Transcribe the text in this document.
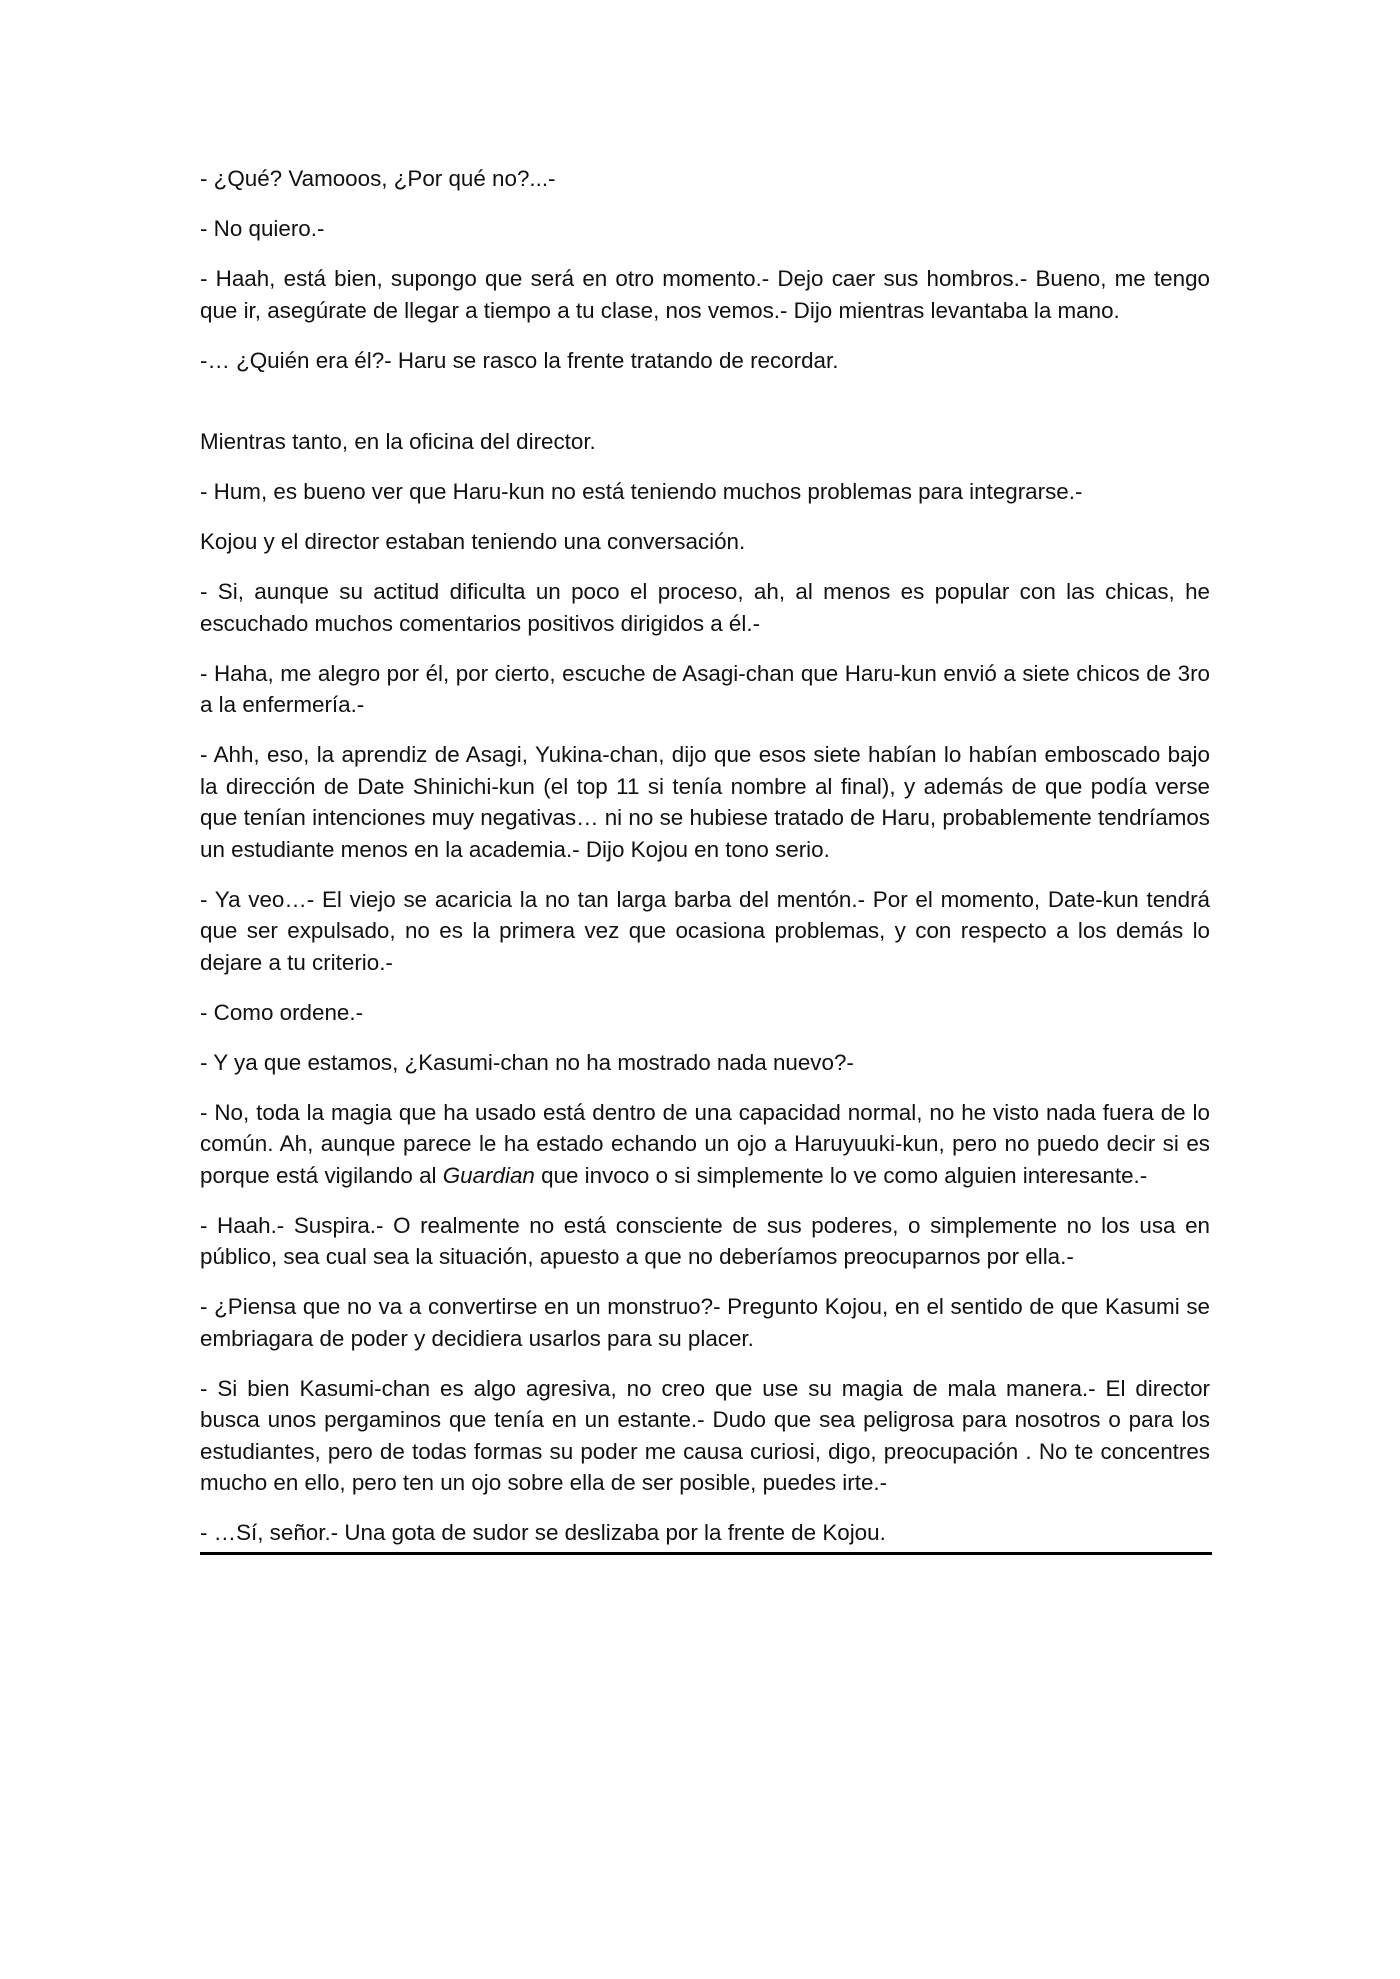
- ¿Qué? Vamooos, ¿Por qué no?...-

- No quiero.-

- Haah, está bien, supongo que será en otro momento.- Dejo caer sus hombros.- Bueno, me tengo que ir, asegúrate de llegar a tiempo a tu clase, nos vemos.- Dijo mientras levantaba la mano.

-… ¿Quién era él?- Haru se rasco la frente tratando de recordar.

Mientras tanto, en la oficina del director.

- Hum, es bueno ver que Haru-kun no está teniendo muchos problemas para integrarse.-

Kojou y el director estaban teniendo una conversación.

- Si, aunque su actitud dificulta un poco el proceso, ah, al menos es popular con las chicas, he escuchado muchos comentarios positivos dirigidos a él.-

- Haha, me alegro por él, por cierto, escuche de Asagi-chan que Haru-kun envió a siete chicos de 3ro a la enfermería.-

- Ahh, eso, la aprendiz de Asagi, Yukina-chan, dijo que esos siete habían lo habían emboscado bajo la dirección de Date Shinichi-kun (el top 11 si tenía nombre al final), y además de que podía verse que tenían intenciones muy negativas… ni no se hubiese tratado de Haru, probablemente tendríamos un estudiante menos en la academia.- Dijo Kojou en tono serio.

- Ya veo…- El viejo se acaricia la no tan larga barba del mentón.- Por el momento, Date-kun tendrá que ser expulsado, no es la primera vez que ocasiona problemas, y con respecto a los demás lo dejare a tu criterio.-

- Como ordene.-

- Y ya que estamos, ¿Kasumi-chan no ha mostrado nada nuevo?-

- No, toda la magia que ha usado está dentro de una capacidad normal, no he visto nada fuera de lo común. Ah, aunque parece le ha estado echando un ojo a Haruyuuki-kun, pero no puedo decir si es porque está vigilando al Guardian que invoco o si simplemente lo ve como alguien interesante.-

- Haah.- Suspira.- O realmente no está consciente de sus poderes, o simplemente no los usa en público, sea cual sea la situación, apuesto a que no deberíamos preocuparnos por ella.-

- ¿Piensa que no va a convertirse en un monstruo?- Pregunto Kojou, en el sentido de que Kasumi se embriagara de poder y decidiera usarlos para su placer.

- Si bien Kasumi-chan es algo agresiva, no creo que use su magia de mala manera.- El director busca unos pergaminos que tenía en un estante.- Dudo que sea peligrosa para nosotros o para los estudiantes, pero de todas formas su poder me causa curiosi, digo, preocupación . No te concentres mucho en ello, pero ten un ojo sobre ella de ser posible, puedes irte.-

- …Sí, señor.- Una gota de sudor se deslizaba por la frente de Kojou.
